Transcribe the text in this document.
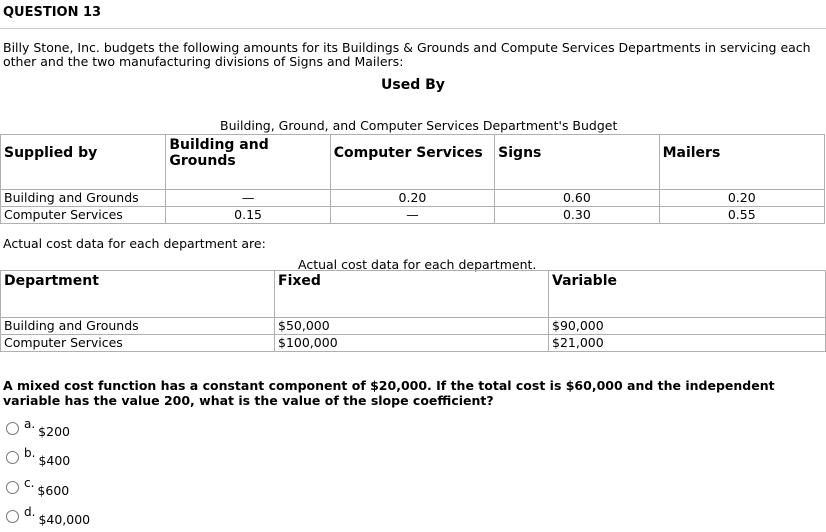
QUESTION 13
Billy Stone, Inc. budgets the following amounts for its Buildings & Grounds and Compute Services Departments in servicing each other and the two manufacturing divisions of Signs and Mailers:
Used By
Building, Ground, and Computer Services Department's Budget
Supplied by	Building and Grounds	Computer Services	Signs	Mailers
Building and Grounds	—	0.20	0.60	0.20
Computer Services	0.15	—	0.30	0.55
Actual cost data for each department are:
Actual cost data for each department.
Department	Fixed	Variable
Building and Grounds	$50,000	$90,000
Computer Services	$100,000	$21,000
A mixed cost function has a constant component of $20,000. If the total cost is $60,000 and the independent variable has the value 200, what is the value of the slope coefficient?
a. $200
b. $400
c. $600
d. $40,000
